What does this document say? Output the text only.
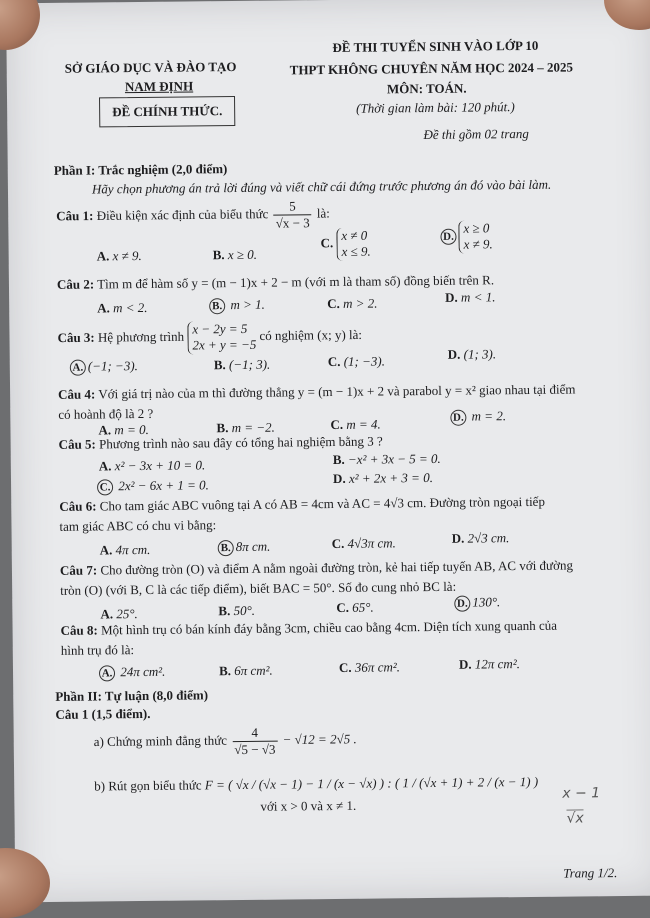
SỞ GIÁO DỤC VÀ ĐÀO TẠO
NAM ĐỊNH
ĐỀ CHÍNH THỨC.
ĐỀ THI TUYỂN SINH VÀO LỚP 10
THPT KHÔNG CHUYÊN NĂM HỌC 2024 – 2025
MÔN: TOÁN.
(Thời gian làm bài: 120 phút.)
Đề thi gồm 02 trang
Phần I: Trắc nghiệm (2,0 điểm)
Hãy chọn phương án trả lời đúng và viết chữ cái đứng trước phương án đó vào bài làm.
Câu 1: Điều kiện xác định của biểu thức $\frac{5}{√x - 3}$ là:
A. x ≠ 9.	B. x ≥ 0.
C. x ≠ 0
x ≤ 9.
D.x ≥ 0
x ≠ 9.
Câu 2: Tìm m để hàm số y = (m − 1)x + 2 − m (với m là tham số) đồng biến trên R.
A. m < 2.	B. m > 1.	C. m > 2.	D. m < 1.
Câu 3: Hệ phương trình x − 2y = 5
2x + y = −5 có nghiệm (x; y) là:
A. (−1; −3).	B. (−1; 3).	C. (1; −3).	D. (1; 3).
Câu 4: Với giá trị nào của m thì đường thẳng y = (m − 1)x + 2 và parabol y = x² giao nhau tại điểm
có hoành độ là 2 ?
A. m = 0.	B. m = −2.	C. m = 4.	D. m = 2.
Câu 5: Phương trình nào sau đây có tổng hai nghiệm bằng 3 ?
A. x² − 3x + 10 = 0.	B. −x² + 3x − 5 = 0.
C. 2x² − 6x + 1 = 0.	D. x² + 2x + 3 = 0.
Câu 6: Cho tam giác ABC vuông tại A có AB = 4cm và AC = 4√3 cm. Đường tròn ngoại tiếp
tam giác ABC có chu vi bằng:
A. 4π cm.	B. 8π cm.	C. 4√3π cm.	D. 2√3 cm.
Câu 7: Cho đường tròn (O) và điểm A nằm ngoài đường tròn, kẻ hai tiếp tuyến AB, AC với đường
tròn (O) (với B, C là các tiếp điểm), biết BAC = 50°. Số đo cung nhỏ BC là:
A. 25°.	B. 50°.	C. 65°.	D. 130°.
Câu 8: Một hình trụ có bán kính đáy bằng 3cm, chiều cao bằng 4cm. Diện tích xung quanh của
hình trụ đó là:
A. 24π cm².	B. 6π cm².	C. 36π cm².	D. 12π cm².
Phần II: Tự luận (8,0 điểm)
Câu 1 (1,5 điểm).
a) Chứng minh đẳng thức $\frac{4}{√5 - √3} - √12 = 2√5$ .
b) Rút gọn biểu thức F = ( √x / (√x − 1) − 1 / (x − √x) ) : ( 1 / (√x + 1) + 2 / (x − 1) )
với x > 0 và x ≠ 1.
x − 1
√x
Trang 1/2.
